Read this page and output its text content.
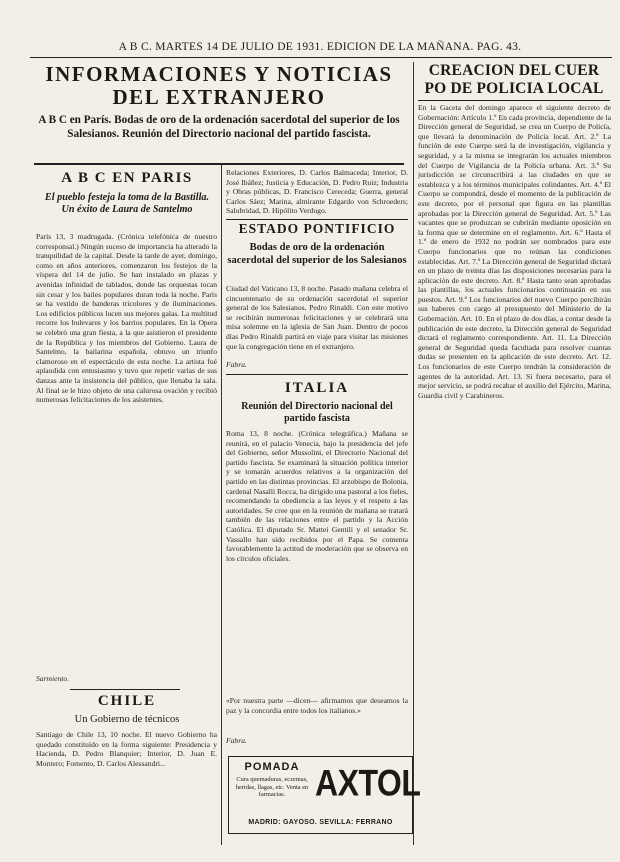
A B C. MARTES 14 DE JULIO DE 1931. EDICION DE LA MAÑANA. PAG. 43.
INFORMACIONES Y NOTICIAS
DEL EXTRANJERO
A B C en París. Bodas de oro de la ordenación sacerdotal del superior de los Salesianos. Reunión del Directorio nacional del partido fascista.
A B C EN PARIS
El pueblo festeja la toma de la Bastilla. Un éxito de Laura de Santelmo
París 13, 3 madrugada. (Crónica telefónica de nuestro corresponsal.) Ningún suceso de importancia ha alterado la tranquilidad de la capital. Desde la tarde de ayer, domingo, como en años anteriores, comenzaron los festejos de la víspera del 14 de julio. Se han instalado en plazas y avenidas infinidad de tablados, donde las orquestas tocan sin cesar y los bailes populares duran toda la noche. París se ha vestido de banderas tricolores y de iluminaciones. Los edificios públicos lucen sus mejores galas. La multitud recorre los bulevares y los barrios populares. En la Opera se celebró una gran fiesta, a la que asistieron el presidente de la República y los miembros del Gobierno. Laura de Santelmo, la bailarina española, obtuvo un triunfo clamoroso en el espectáculo de esta noche. La artista fué aplaudida con entusiasmo y tuvo que repetir varias de sus danzas ante la insistencia del público, que llenaba la sala. Al final se le hizo objeto de una calurosa ovación y recibió numerosas felicitaciones de los asistentes.
Sarmiento.
CHILE
Un Gobierno de técnicos
Santiago de Chile 13, 10 noche. El nuevo Gobierno ha quedado constituído en la forma siguiente: Presidencia y Hacienda, D. Pedro Blanquier; Interior, D. Juan E. Montero; Fomento, D. Carlos Alessandri...
Relaciones Exteriores, D. Carlos Balmaceda; Interior, D. José Ibáñez; Justicia y Educación, D. Pedro Ruiz; Industria y Obras públicas, D. Francisco Cereceda; Guerra, general Carlos Sáez; Marina, almirante Edgardo von Schroeders; Salubridad, D. Hipólito Verdugo.
ESTADO PONTIFICIO
Bodas de oro de la ordenación sacerdotal del superior de los Salesianos
Ciudad del Vaticano 13, 8 noche. Pasado mañana celebra el cincuentenario de su ordenación sacerdotal el superior general de los Salesianos, Pedro Rinaldi. Con este motivo se recibirán numerosas felicitaciones y se celebrará una misa solemne en la iglesia de San Juan. Dentro de pocos días Pedro Rinaldi partirá en viaje para visitar las misiones que la congregación tiene en el extranjero.
Fabra.
ITALIA
Reunión del Directorio nacional del partido fascista
Roma 13, 8 noche. (Crónica telegráfica.) Mañana se reunirá, en el palacio Venecia, bajo la presidencia del jefe del Gobierno, señor Mussolini, el Directorio Nacional del partido fascista. Se examinará la situación política interior y se tomarán acuerdos relativos a la organización del partido en las distintas provincias. El arzobispo de Bolonia, cardenal Nasalli Rocca, ha dirigido una pastoral a los fieles, recomendando la obediencia a las leyes y el respeto a las autoridades. Se cree que en la reunión de mañana se tratará también de las relaciones entre el partido y la Acción Católica. El diputado Sr. Mattei Gentili y el senador Sr. Vassallo han sido recibidos por el Papa. Se comenta favorablemente la actitud de moderación que se observa en los círculos oficiales.
«Por nuestra parte —dicen— afirmamos que deseamos la paz y la concordia entre todos los italianos.»
Fabra.
POMADA
Cura quemaduras, eczemas, heridas, llagas, etc. Venta en farmacias. AXTOL
MADRID: GAYOSO. SEVILLA: FERRANO
CREACION DEL CUER
PO DE POLICIA LOCAL
En la Gaceta del domingo aparece el siguiente decreto de Gobernación: Artículo 1.º En cada provincia, dependiente de la Dirección general de Seguridad, se crea un Cuerpo de Policía, que llevará la denominación de Policía local. Art. 2.º La función de este Cuerpo será la de investigación, vigilancia y seguridad, y a la misma se integrarán los actuales miembros del Cuerpo de Vigilancia de la Policía urbana. Art. 3.º Su jurisdicción se circunscribirá a las ciudades en que se establezca y a los términos municipales colindantes. Art. 4.º El Cuerpo se compondrá, desde el momento de la publicación de este decreto, por el personal que figura en las plantillas aprobadas por la Dirección general de Seguridad. Art. 5.º Las vacantes que se produzcan se cubrirán mediante oposición en la forma que se determine en el reglamento. Art. 6.º Hasta el 1.º de enero de 1932 no podrán ser nombrados para este Cuerpo funcionarios que no reúnan las condiciones establecidas. Art. 7.º La Dirección general de Seguridad dictará en un plazo de treinta días las disposiciones necesarias para la aplicación de este decreto. Art. 8.º Hasta tanto sean aprobadas las plantillas, los actuales funcionarios continuarán en sus puestos. Art. 9.º Los funcionarios del nuevo Cuerpo percibirán sus haberes con cargo al presupuesto del Ministerio de la Gobernación. Art. 10. En el plazo de dos días, a contar desde la publicación de este decreto, la Dirección general de Seguridad dictará el reglamento correspondiente. Art. 11. La Dirección general de Seguridad queda facultada para resolver cuantas dudas se presenten en la aplicación de este decreto. Art. 12. Los funcionarios de este Cuerpo tendrán la consideración de agentes de la autoridad. Art. 13. Si fuera necesario, para el mejor servicio, se podrá recabar el auxilio del Ejército, Marina, Guardia civil y Carabineros.
